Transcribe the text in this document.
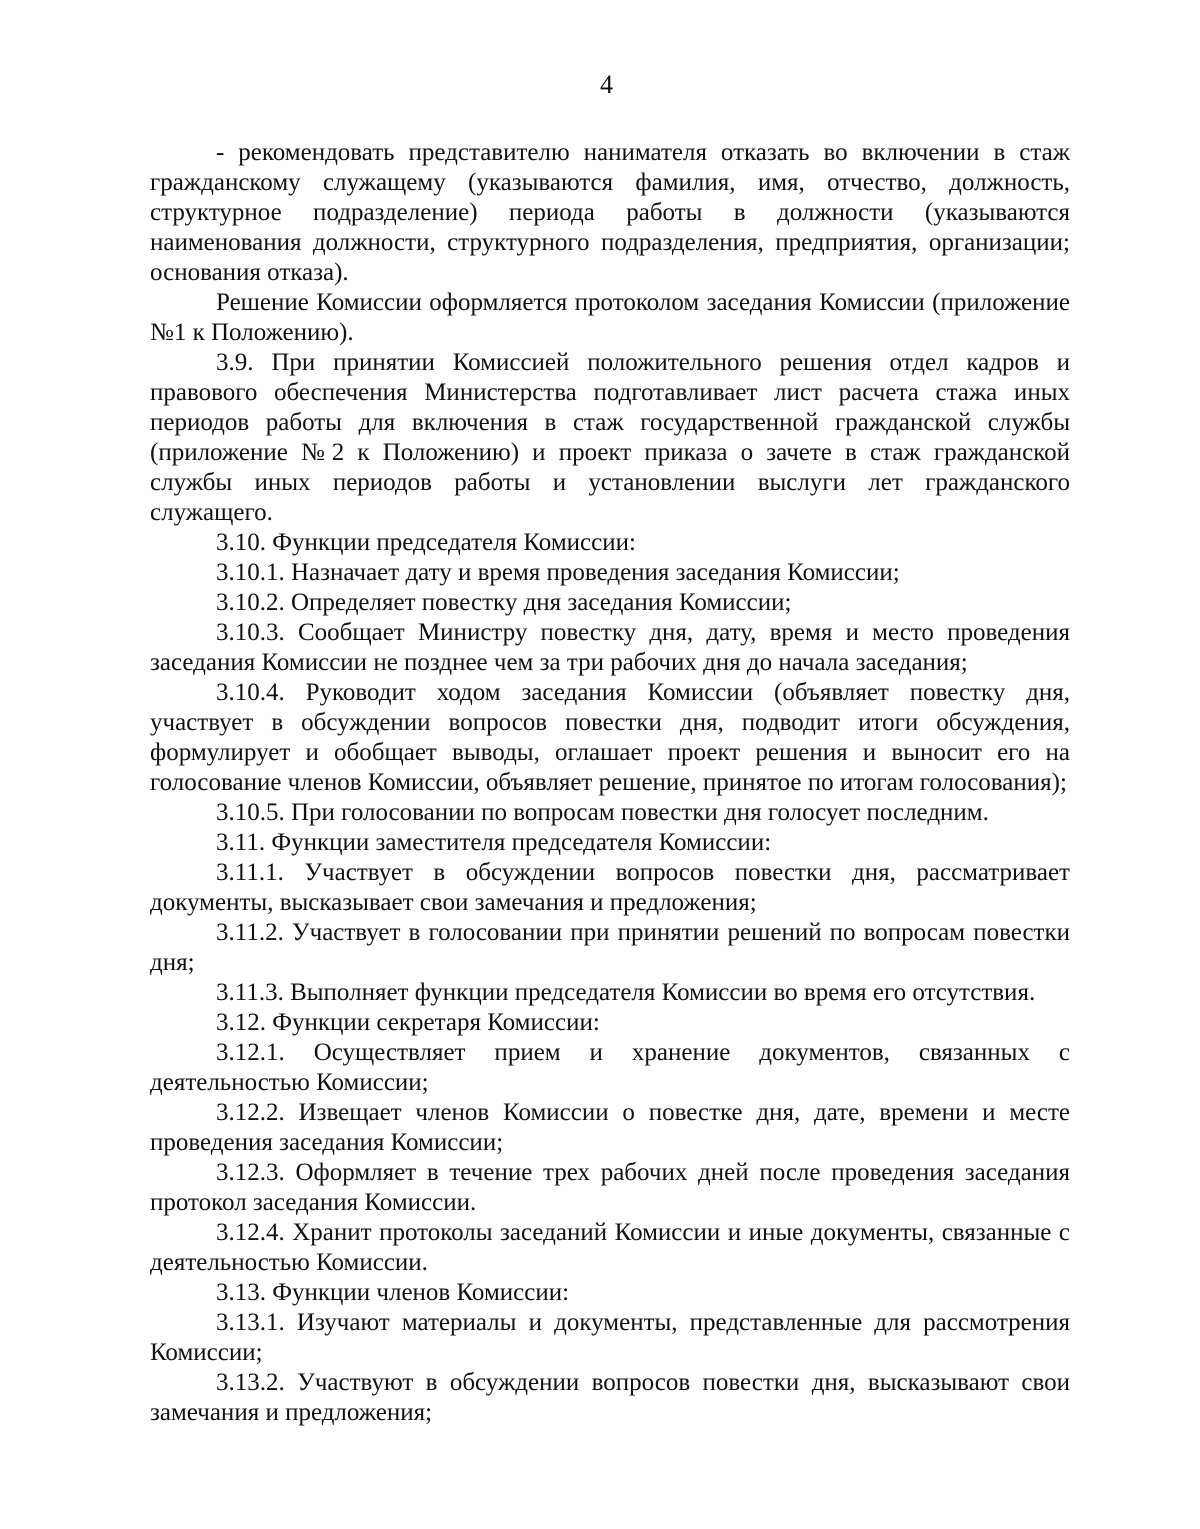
4

- рекомендовать представителю нанимателя отказать во включении в стаж гражданскому служащему (указываются фамилия, имя, отчество, должность, структурное подразделение) периода работы в должности (указываются наименования должности, структурного подразделения, предприятия, организации; основания отказа).

Решение Комиссии оформляется протоколом заседания Комиссии (приложение №1 к Положению).

3.9. При принятии Комиссией положительного решения отдел кадров и правового обеспечения Министерства подготавливает лист расчета стажа иных периодов работы для включения в стаж государственной гражданской службы (приложение №2 к Положению) и проект приказа о зачете в стаж гражданской службы иных периодов работы и установлении выслуги лет гражданского служащего.

3.10. Функции председателя Комиссии:

3.10.1. Назначает дату и время проведения заседания Комиссии;

3.10.2. Определяет повестку дня заседания Комиссии;

3.10.3. Сообщает Министру повестку дня, дату, время и место проведения заседания Комиссии не позднее чем за три рабочих дня до начала заседания;

3.10.4. Руководит ходом заседания Комиссии (объявляет повестку дня, участвует в обсуждении вопросов повестки дня, подводит итоги обсуждения, формулирует и обобщает выводы, оглашает проект решения и выносит его на голосование членов Комиссии, объявляет решение, принятое по итогам голосования);

3.10.5. При голосовании по вопросам повестки дня голосует последним.

3.11. Функции заместителя председателя Комиссии:

3.11.1. Участвует в обсуждении вопросов повестки дня, рассматривает документы, высказывает свои замечания и предложения;

3.11.2. Участвует в голосовании при принятии решений по вопросам повестки дня;

3.11.3. Выполняет функции председателя Комиссии во время его отсутствия.

3.12. Функции секретаря Комиссии:

3.12.1. Осуществляет прием и хранение документов, связанных с деятельностью Комиссии;

3.12.2. Извещает членов Комиссии о повестке дня, дате, времени и месте проведения заседания Комиссии;

3.12.3. Оформляет в течение трех рабочих дней после проведения заседания протокол заседания Комиссии.

3.12.4. Хранит протоколы заседаний Комиссии и иные документы, связанные с деятельностью Комиссии.

3.13. Функции членов Комиссии:

3.13.1. Изучают материалы и документы, представленные для рассмотрения Комиссии;

3.13.2. Участвуют в обсуждении вопросов повестки дня, высказывают свои замечания и предложения;
